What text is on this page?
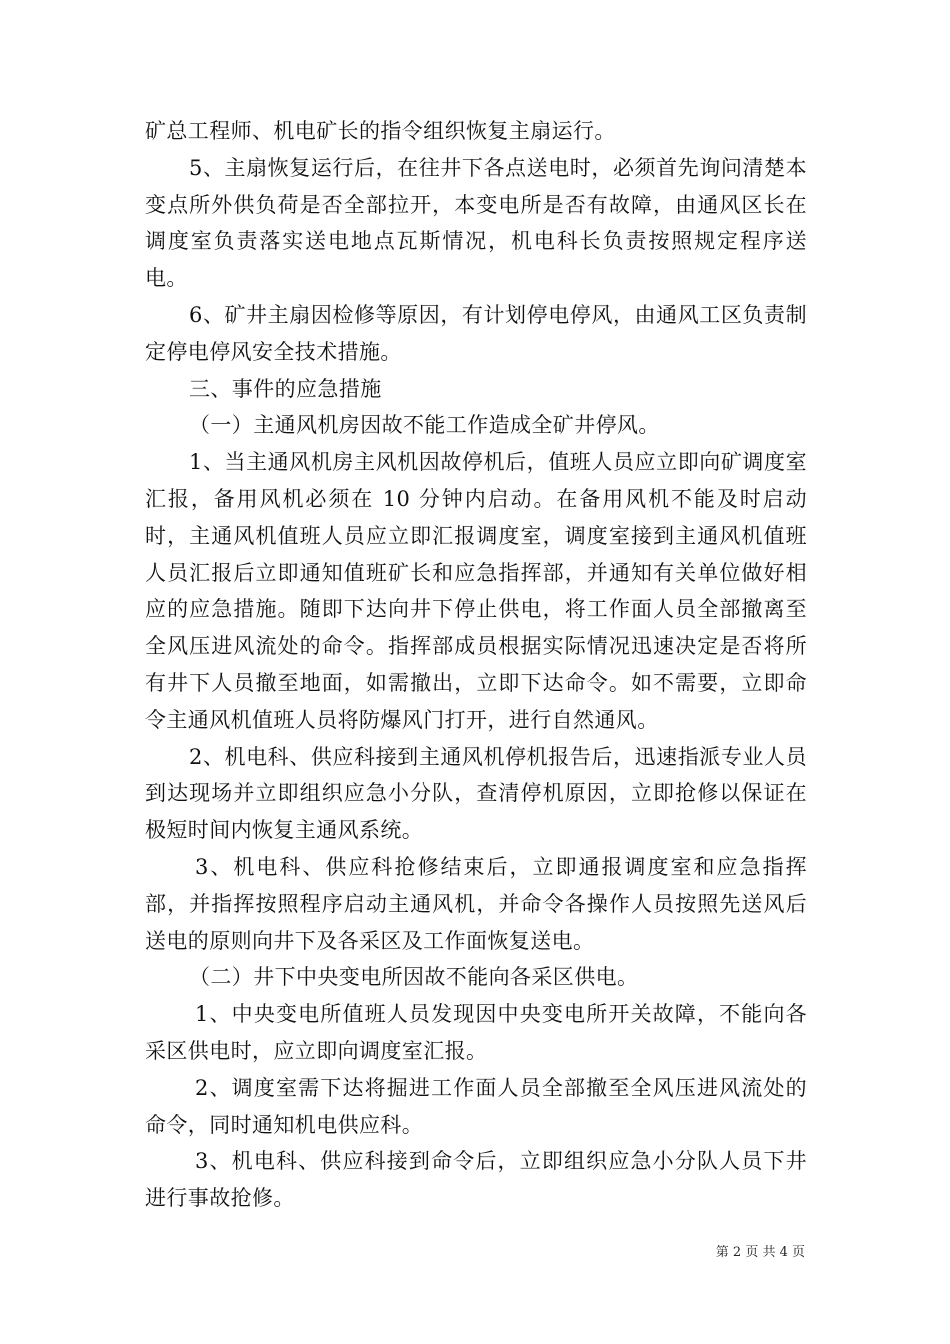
矿总工程师、机电矿长的指令组织恢复主扇运行。

5、主扇恢复运行后，在往井下各点送电时，必须首先询问清楚本变点所外供负荷是否全部拉开，本变电所是否有故障，由通风区长在调度室负责落实送电地点瓦斯情况，机电科长负责按照规定程序送电。

6、矿井主扇因检修等原因，有计划停电停风，由通风工区负责制定停电停风安全技术措施。

三、事件的应急措施

（一）主通风机房因故不能工作造成全矿井停风。

1、当主通风机房主风机因故停机后，值班人员应立即向矿调度室汇报，备用风机必须在 10 分钟内启动。在备用风机不能及时启动时，主通风机值班人员应立即汇报调度室，调度室接到主通风机值班人员汇报后立即通知值班矿长和应急指挥部，并通知有关单位做好相应的应急措施。随即下达向井下停止供电，将工作面人员全部撤离至全风压进风流处的命令。指挥部成员根据实际情况迅速决定是否将所有井下人员撤至地面，如需撤出，立即下达命令。如不需要，立即命令主通风机值班人员将防爆风门打开，进行自然通风。

2、机电科、供应科接到主通风机停机报告后，迅速指派专业人员到达现场并立即组织应急小分队，查清停机原因，立即抢修以保证在极短时间内恢复主通风系统。

3、机电科、供应科抢修结束后，立即通报调度室和应急指挥部，并指挥按照程序启动主通风机，并命令各操作人员按照先送风后送电的原则向井下及各采区及工作面恢复送电。

（二）井下中央变电所因故不能向各采区供电。

1、中央变电所值班人员发现因中央变电所开关故障，不能向各采区供电时，应立即向调度室汇报。

2、调度室需下达将掘进工作面人员全部撤至全风压进风流处的命令，同时通知机电供应科。

3、机电科、供应科接到命令后，立即组织应急小分队人员下井进行事故抢修。

第 2 页 共 4 页
